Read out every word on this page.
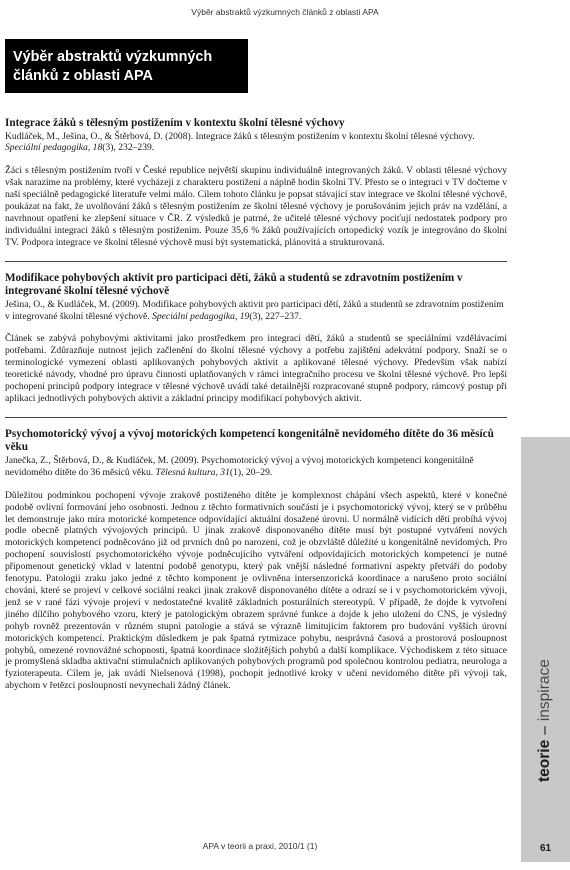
Výběr abstraktů výzkumných článků z oblasti APA
Výběr abstraktů výzkumných
článků z oblasti APA

Integrace žáků s tělesným postižením v kontextu školní tělesné výchovy

Kudláček, M., Ješina, O., & Štěrbová, D. (2008). Integrace žáků s tělesným postižením v kontextu školní tělesné výchovy. Speciální pedagogika, 18(3), 232–239.

Žáci s tělesným postižením tvoří v České republice největší skupinu individuálně integrovaných žáků. V oblasti tělesné výchovy však narazíme na problémy, které vycházejí z charakteru postižení a náplně hodin školní TV. Přesto se o integraci v TV dočteme v naší speciálně pedagogické literatuře velmi málo. Cílem tohoto článku je popsat stávající stav integrace ve školní tělesné výchově, poukázat na fakt, že uvolňování žáků s tělesným postižením ze školní tělesné výchovy je porušováním jejich práv na vzdělání, a navrhnout opatření ke zlepšení situace v ČR. Z výsledků je patrné, že učitelé tělesné výchovy pociťují nedostatek podpory pro individuální integraci žáků s tělesným postižením. Pouze 35,6 % žáků používajících ortopedický vozík je integrováno do školní TV. Podpora integrace ve školní tělesné výchově musí být systematická, plánovitá a strukturovaná.

Modifikace pohybových aktivit pro participaci dětí, žáků a studentů se zdravotním postižením v integrované školní tělesné výchově

Ješina, O., & Kudláček, M. (2009). Modifikace pohybových aktivit pro participaci dětí, žáků a studentů se zdravotním postižením v integrované školní tělesné výchově. Speciální pedagogika, 19(3), 227–237.

Článek se zabývá pohybovými aktivitami jako prostředkem pro integraci dětí, žáků a studentů se speciálními vzdělávacími potřebami. Zdůrazňuje nutnost jejich začlenění do školní tělesné výchovy a potřebu zajištění adekvátní podpory. Snaží se o terminologické vymezení oblasti aplikovaných pohybových aktivit a aplikované tělesné výchovy. Především však nabízí teoretické návody, vhodné pro úpravu činností uplatňovaných v rámci integračního procesu ve školní tělesné výchově. Pro lepší pochopení principů podpory integrace v tělesné výchově uvádí také detailnější rozpracované stupně podpory, rámcový postup při aplikaci jednotlivých pohybových aktivit a základní principy modifikací pohybových aktivit.

Psychomotorický vývoj a vývoj motorických kompetencí kongenitálně nevidomého dítěte do 36 měsíců věku

Janečka, Z., Štěrbová, D., & Kudláček, M. (2009). Psychomotorický vývoj a vývoj motorických kompetencí kongenitálně nevidomého dítěte do 36 měsíců věku. Tělesná kultura, 31(1), 20–29.

Důležitou podmínkou pochopení vývoje zrakově postiženého dítěte je komplexnost chápání všech aspektů, které v konečné podobě ovlivní formování jeho osobnosti. Jednou z těchto formativních součástí je i psychomotorický vývoj, který se v průběhu let demonstruje jako míra motorické kompetence odpovídající aktuální dosažené úrovni. U normálně vidících dětí probíhá vývoj podle obecně platných vývojových principů. U jinak zrakově disponovaného dítěte musí být postupné vytváření nových motorických kompetencí podněcováno již od prvních dnů po narození, což je obzvláště důležité u kongenitálně nevidomých. Pro pochopení souvislostí psychomotorického vývoje podněcujícího vytváření odpovídajících motorických kompetencí je nutné připomenout genetický vklad v latentní podobě genotypu, který pak vnější následné formativní aspekty přetváří do podoby fenotypu. Patologii zraku jako jedné z těchto komponent je ovlivněna intersenzorická koordinace a narušeno proto sociální chování, které se projeví v celkové sociální reakci jinak zrakově disponovaného dítěte a odrazí se i v psychomotorickém vývoji, jenž se v rané fázi vývoje projeví v nedostatečné kvalitě základních posturálních stereotypů. V případě, že dojde k vytvoření jiného dílčího pohybového vzoru, který je patologickým obrazem správné funkce a dojde k jeho uložení do CNS, je výsledný pohyb rovněž prezentován v různém stupni patologie a stává se výrazně limitujícím faktorem pro budování vyšších úrovní motorických kompetencí. Praktickým důsledkem je pak špatná rytmizace pohybu, nesprávná časová a prostorová posloupnost pohybů, omezené rovnovážné schopnosti, špatná koordinace složitějších pohybů a další komplikace. Východiskem z této situace je promyšlená skladba aktivační stimulačních aplikovaných pohybových programů pod společnou kontrolou pediatra, neurologa a fyzioterapeuta. Cílem je, jak uvádí Nielsenová (1998), pochopit jednotlivé kroky v učení nevidomého dítěte při vývoji tak, abychom v řetězci posloupnosti nevynechali žádný článek.

teorie–inspirace
61
APA v teorii a praxi, 2010/1 (1)
